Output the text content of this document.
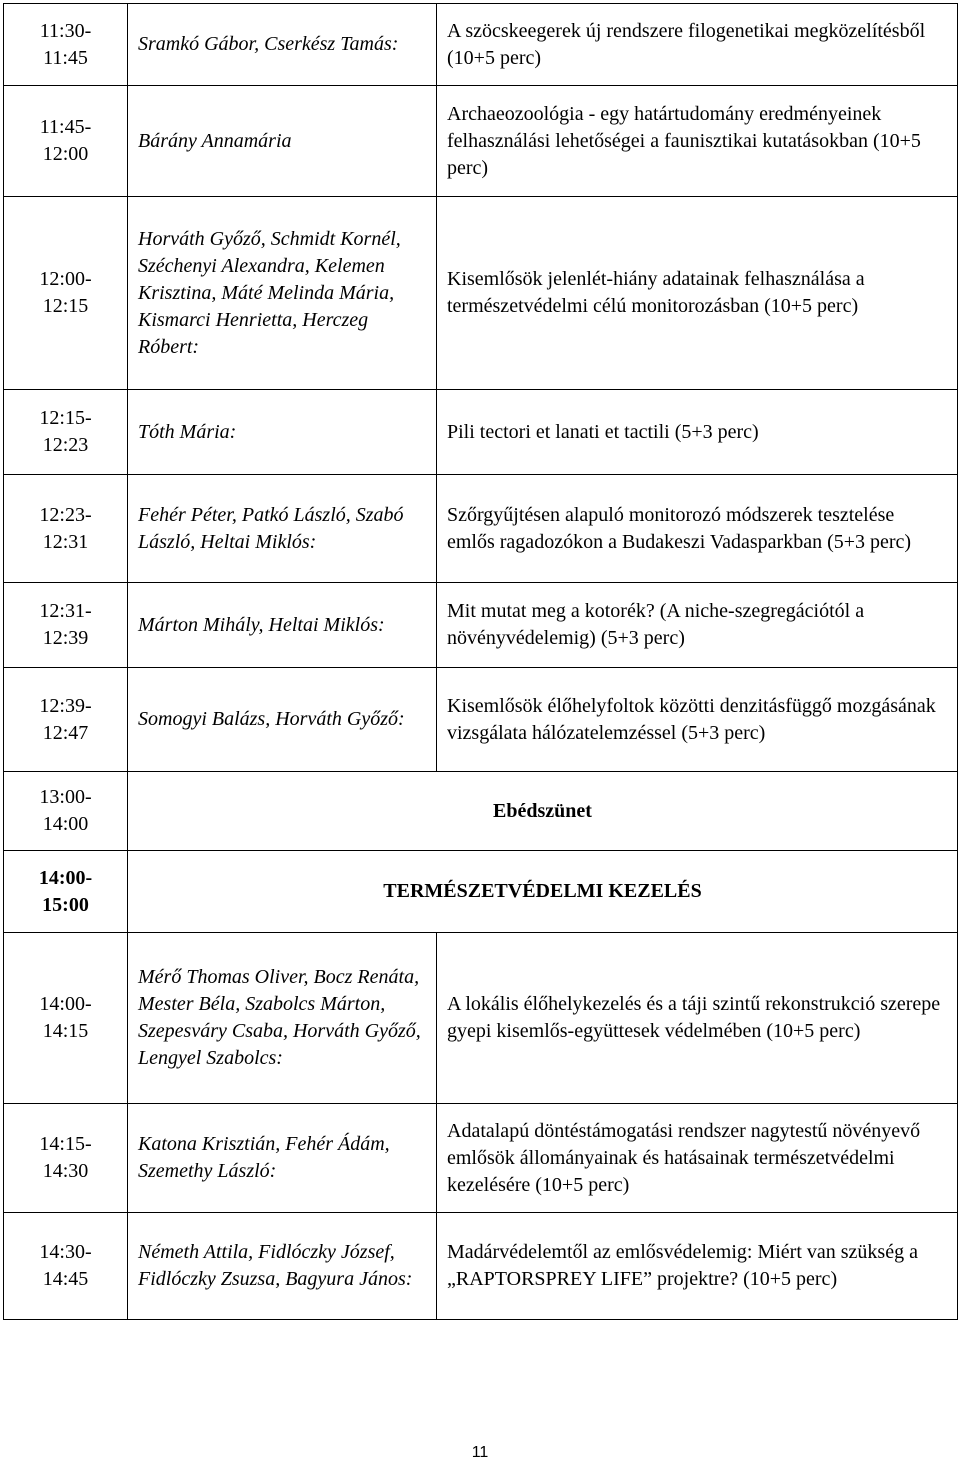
11:30-
11:45	Sramkó Gábor, Cserkész Tamás:	A szöcskeegerek új rendszere filogenetikai megközelítésből (10+5 perc)
11:45-
12:00	Bárány Annamária	Archaeozoológia - egy határtudomány eredményeinek felhasználási lehetőségei a faunisztikai kutatásokban (10+5 perc)
12:00-
12:15	Horváth Győző, Schmidt Kornél, Széchenyi Alexandra, Kelemen Krisztina, Máté Melinda Mária, Kismarci Henrietta, Herczeg Róbert:	Kisemlősök jelenlét-hiány adatainak felhasználása a természetvédelmi célú monitorozásban (10+5 perc)
12:15-
12:23	Tóth Mária:	Pili tectori et lanati et tactili (5+3 perc)
12:23-
12:31	Fehér Péter, Patkó László, Szabó László, Heltai Miklós:	Szőrgyűjtésen alapuló monitorozó módszerek tesztelése emlős ragadozókon a Budakeszi Vadasparkban (5+3 perc)
12:31-
12:39	Márton Mihály, Heltai Miklós:	Mit mutat meg a kotorék? (A niche-szegregációtól a növényvédelemig) (5+3 perc)
12:39-
12:47	Somogyi Balázs, Horváth Győző:	Kisemlősök élőhelyfoltok közötti denzitásfüggő mozgásának vizsgálata hálózatelemzéssel (5+3 perc)
13:00-
14:00	Ebédszünet	
14:00-
15:00	TERMÉSZETVÉDELMI KEZELÉS	
14:00-
14:15	Mérő Thomas Oliver, Bocz Renáta, Mester Béla, Szabolcs Márton, Szepesváry Csaba, Horváth Győző, Lengyel Szabolcs:	A lokális élőhelykezelés és a táji szintű rekonstrukció szerepe gyepi kisemlős-együttesek védelmében (10+5 perc)
14:15-
14:30	Katona Krisztián, Fehér Ádám, Szemethy László:	Adatalapú döntéstámogatási rendszer nagytestű növényevő emlősök állományainak és hatásainak természetvédelmi kezelésére (10+5 perc)
14:30-
14:45	Németh Attila, Fidlóczky József, Fidlóczky Zsuzsa, Bagyura János:	Madárvédelemtől az emlősvédelemig: Miért van szükség a „RAPTORSPREY LIFE” projektre? (10+5 perc)
11
